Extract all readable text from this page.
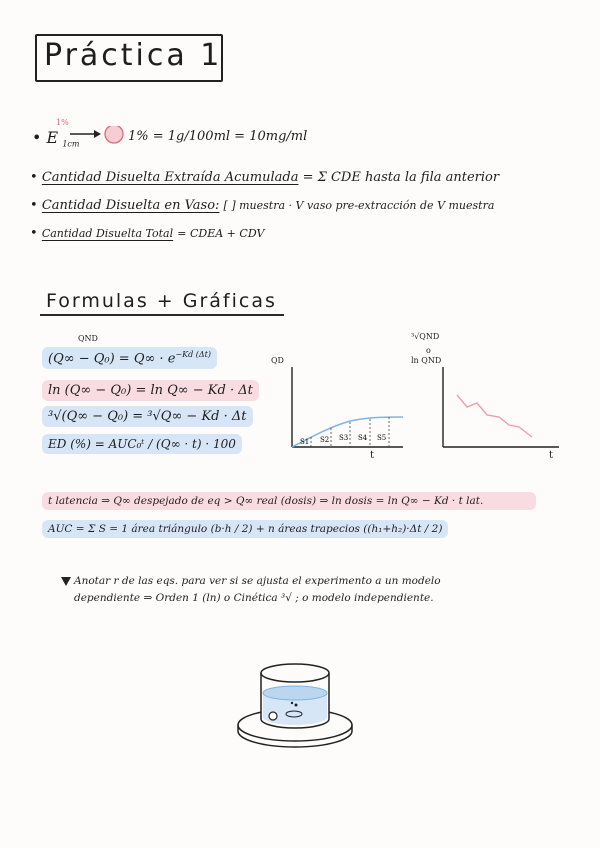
Práctica 1
• E $_{1cm}$
1%
1% = 1g/100ml = 10mg/ml
• Cantidad Disuelta Extraída Acumulada = Σ CDE hasta la fila anterior
• Cantidad Disuelta en Vaso: [ ] muestra · V vaso pre-extracción de V muestra
• Cantidad Disuelta Total = CDEA + CDV
Formulas + Gráficas
QND
$(Q\infty - Q_0) = Q\infty \cdot e^{-Kd (\Delta t)}$
ln (Q∞ − Q₀) = ln Q∞ − Kd · Δt
³√(Q∞ − Q₀) = ³√Q∞ − Kd · Δt
ED (%) = AUC₀ᵗ / (Q∞ · t) · 100
QD
S1 S2 S3 S4 S5
t
³√QND
o
ln QND
t
t latencia ⇒ Q∞ despejado de eq > Q∞ real (dosis) ⇒ ln dosis = ln Q∞ − Kd · t lat.
AUC = Σ S = 1 área triángulo (b·h / 2) + n áreas trapecios ((h₁+h₂)·Δt / 2)
Anotar r de las eqs. para ver si se ajusta el experimento a un modelo
dependiente ⇒ Orden 1 (ln) o Cinética ³√ ; o modelo independiente.
